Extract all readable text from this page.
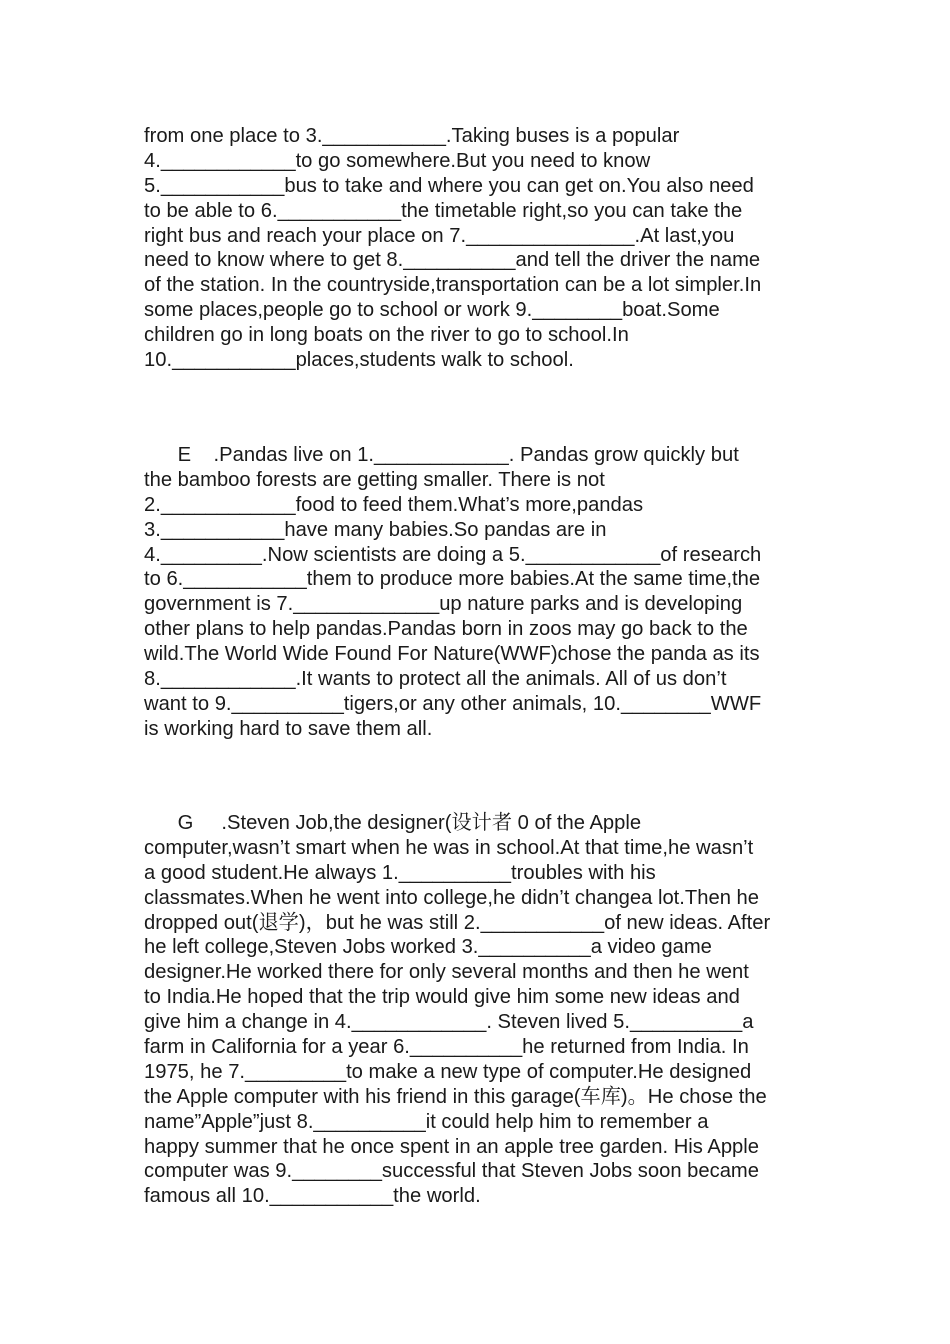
from one place to 3.___________.Taking buses is a popular
4.____________to go somewhere.But you need to know
5.___________bus to take and where you can get on.You also need
to be able to 6.___________the timetable right,so you can take the
right bus and reach your place on 7._______________.At last,you
need to know where to get 8.__________and tell the driver the name
of the station. In the countryside,transportation can be a lot simpler.In
some places,people go to school or work 9.________boat.Some
children go in long boats on the river to go to school.In
10.___________places,students walk to school.
E    .Pandas live on 1.____________. Pandas grow quickly but
the bamboo forests are getting smaller. There is not
2.____________food to feed them.What’s more,pandas
3.___________have many babies.So pandas are in
4._________.Now scientists are doing a 5.____________of research
to 6.___________them to produce more babies.At the same time,the
government is 7._____________up nature parks and is developing
other plans to help pandas.Pandas born in zoos may go back to the
wild.The World Wide Found For Nature(WWF)chose the panda as its
8.____________.It wants to protect all the animals. All of us don’t
want to 9.__________tigers,or any other animals, 10.________WWF
is working hard to save them all.
G     .Steven Job,the designer(设计者 0 of the Apple
computer,wasn’t smart when he was in school.At that time,he wasn’t
a good student.He always 1.__________troubles with his
classmates.When he went into college,he didn’t changea lot.Then he
dropped out(退学)，but he was still 2.___________of new ideas. After
he left college,Steven Jobs worked 3.__________a video game
designer.He worked there for only several months and then he went
to India.He hoped that the trip would give him some new ideas and
give him a change in 4.____________. Steven lived 5.__________a
farm in California for a year 6.__________he returned from India. In
1975, he 7._________to make a new type of computer.He designed
the Apple computer with his friend in this garage(车库)。He chose the
name”Apple”just 8.__________it could help him to remember a
happy summer that he once spent in an apple tree garden. His Apple
computer was 9.________successful that Steven Jobs soon became
famous all 10.___________the world.
